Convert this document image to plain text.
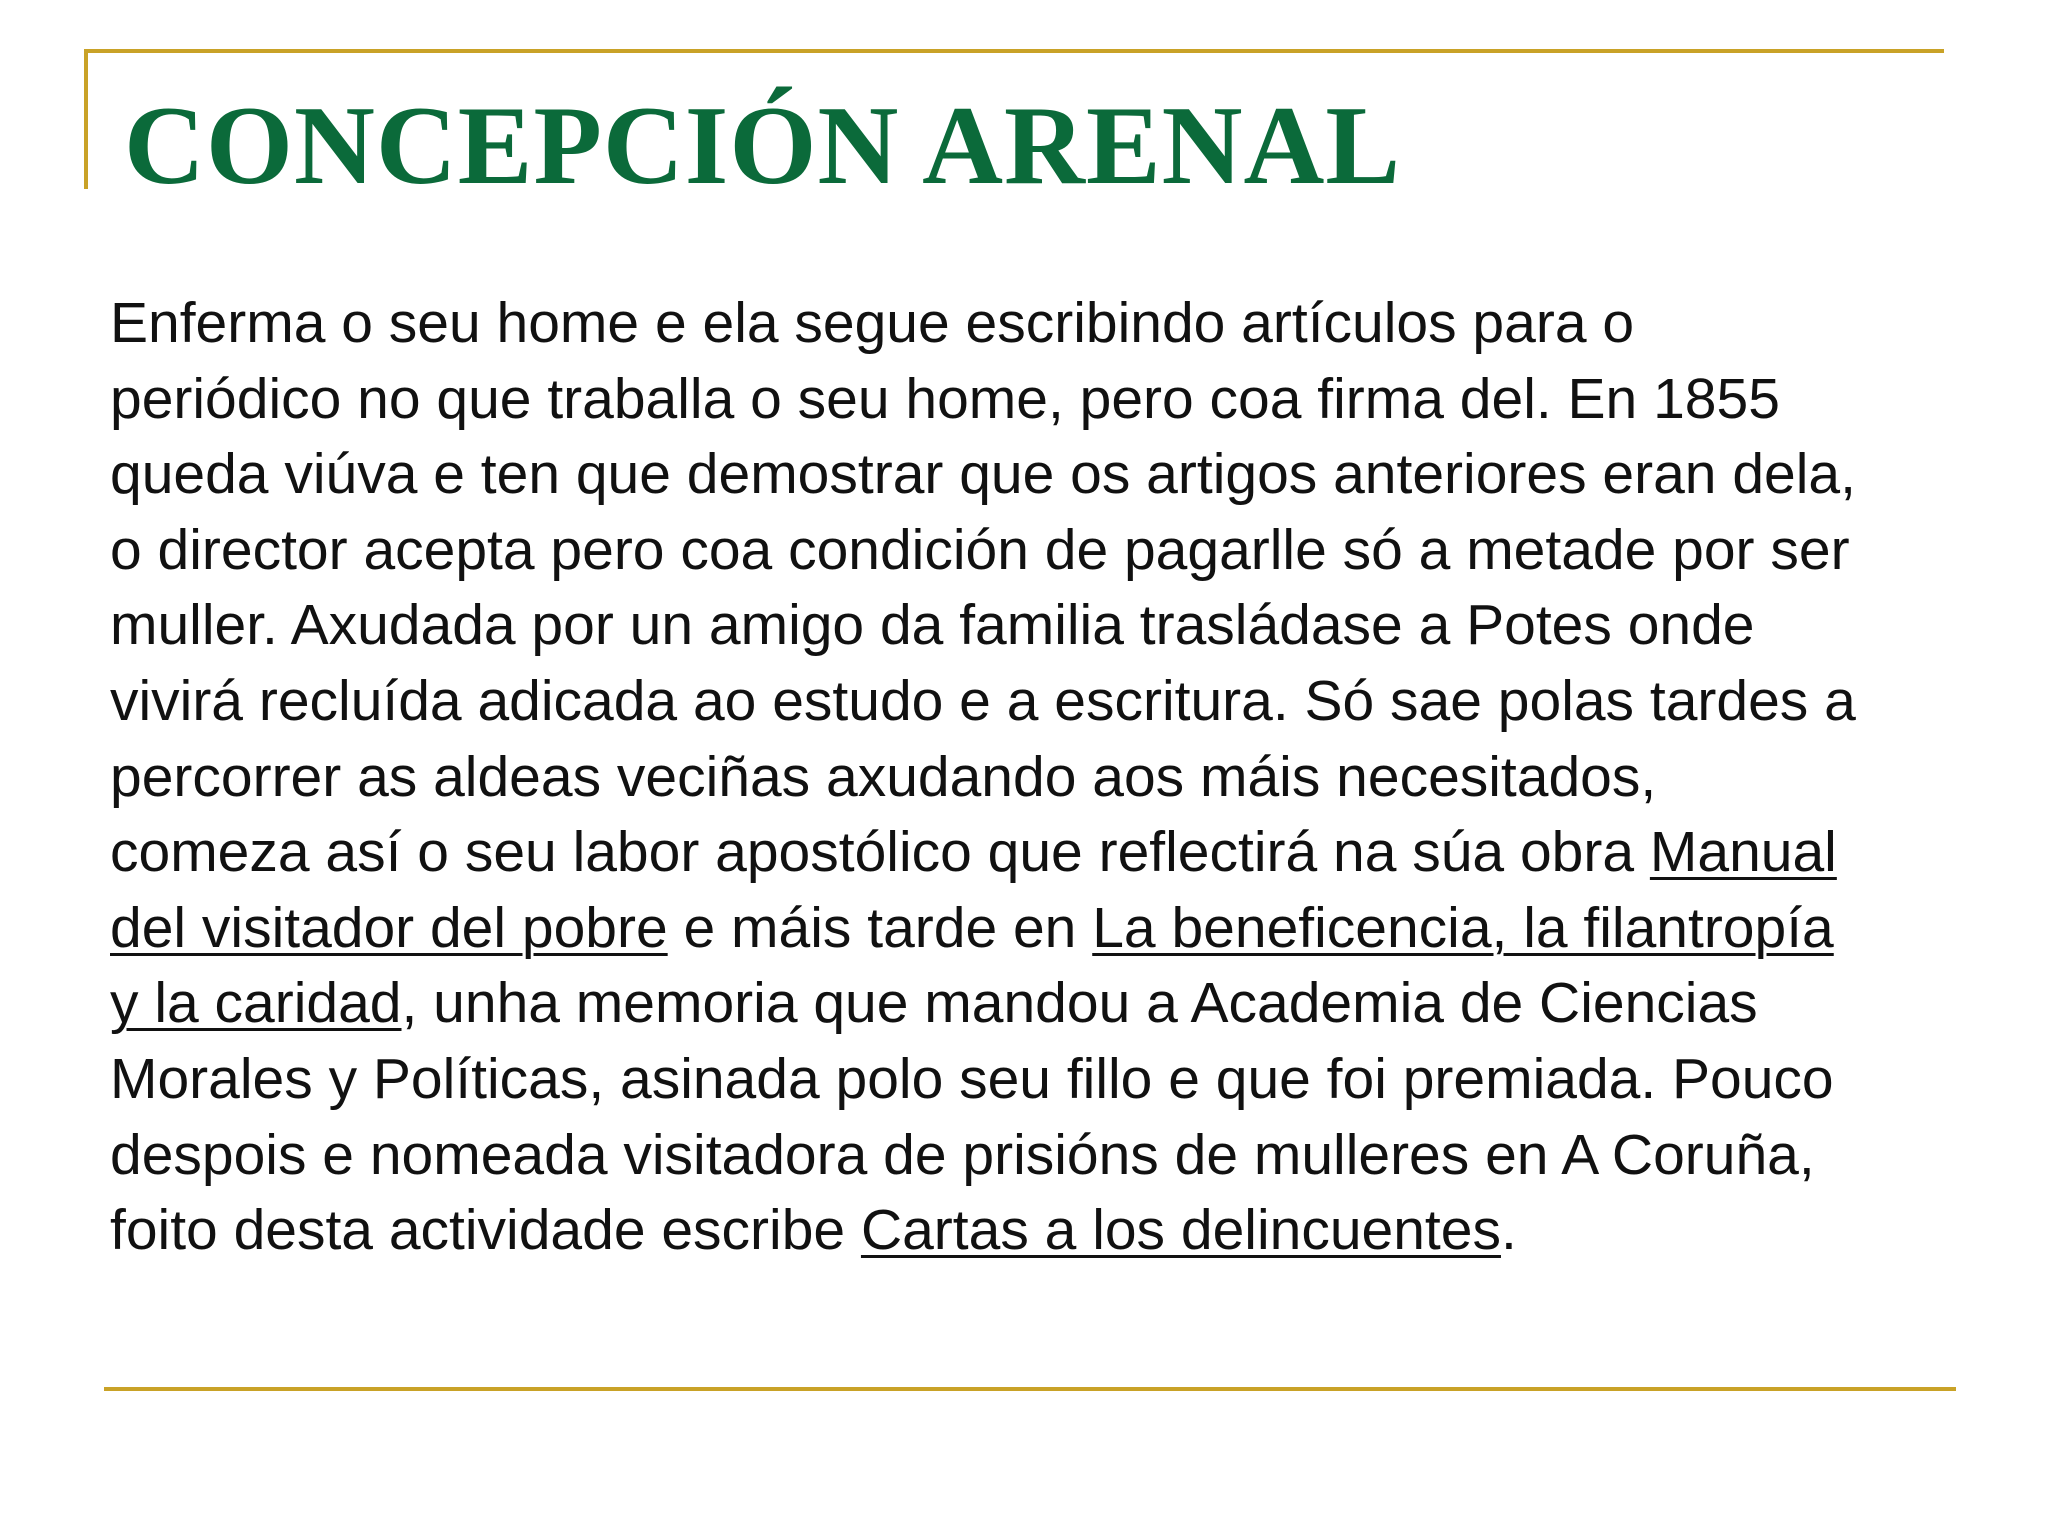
CONCEPCIÓN ARENAL

Enferma o seu home e ela segue escribindo artículos para o
periódico no que traballa o seu home, pero coa firma del. En 1855
queda viúva e ten que demostrar que os artigos anteriores eran dela,
o director acepta pero coa condición de pagarlle só a metade por ser
muller. Axudada por un amigo da familia trasládase a Potes onde
vivirá recluída adicada ao estudo e a escritura. Só sae polas tardes a
percorrer as aldeas veciñas axudando aos máis necesitados,
comeza así o seu labor apostólico que reflectirá na súa obra Manual
del visitador del pobre e máis tarde en La beneficencia, la filantropía
y la caridad, unha memoria que mandou a Academia de Ciencias
Morales y Políticas, asinada polo seu fillo e que foi premiada. Pouco
despois e nomeada visitadora de prisións de mulleres en A Coruña,
foito desta actividade escribe Cartas a los delincuentes.
